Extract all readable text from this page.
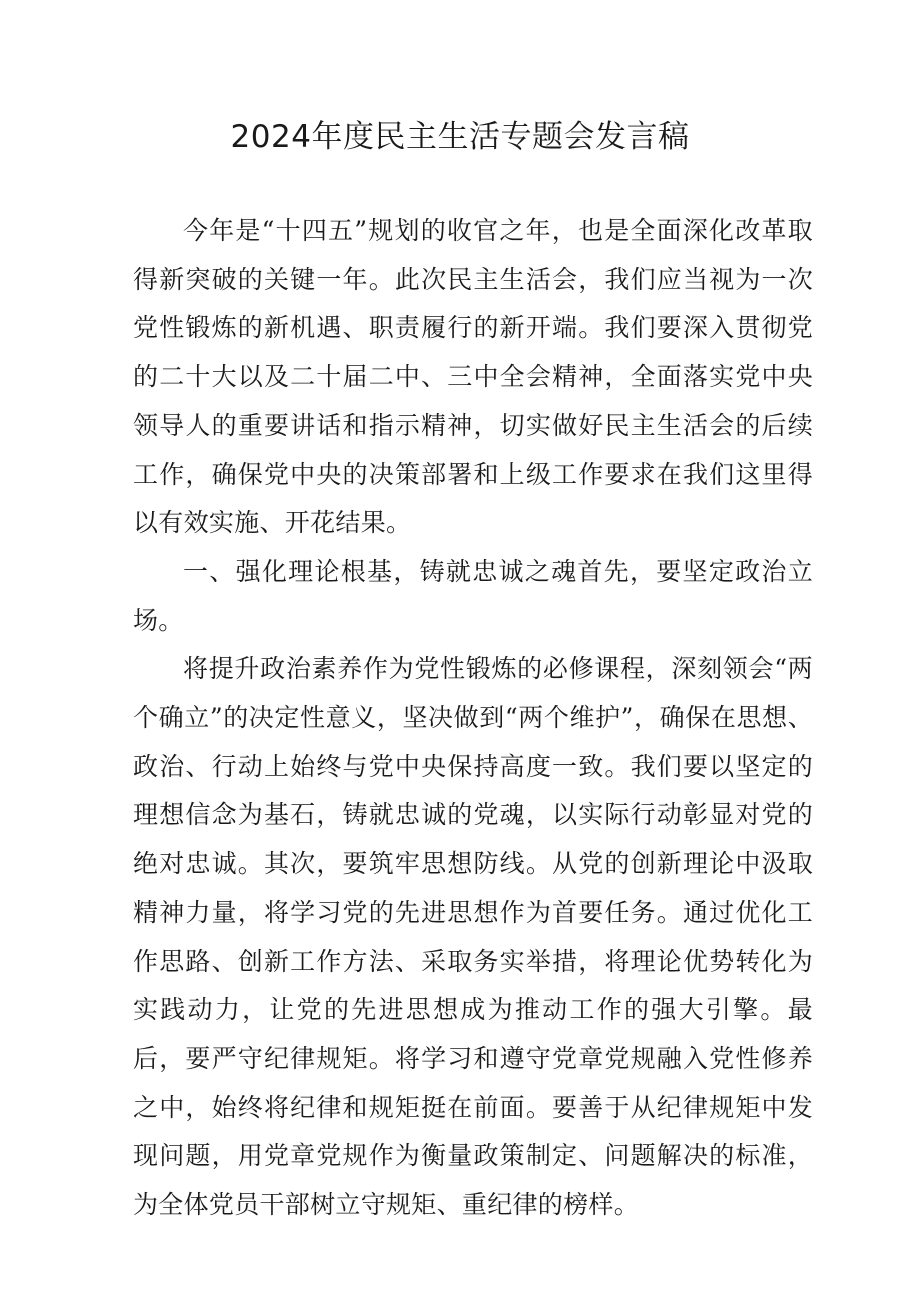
2024年度民主生活专题会发言稿

今年是“十四五”规划的收官之年，也是全面深化改革取得新突破的关键一年。此次民主生活会，我们应当视为一次党性锻炼的新机遇、职责履行的新开端。我们要深入贯彻党的二十大以及二十届二中、三中全会精神，全面落实党中央领导人的重要讲话和指示精神，切实做好民主生活会的后续工作，确保党中央的决策部署和上级工作要求在我们这里得以有效实施、开花结果。

一、强化理论根基，铸就忠诚之魂首先，要坚定政治立场。

将提升政治素养作为党性锻炼的必修课程，深刻领会“两个确立”的决定性意义，坚决做到“两个维护”，确保在思想、政治、行动上始终与党中央保持高度一致。我们要以坚定的理想信念为基石，铸就忠诚的党魂，以实际行动彰显对党的绝对忠诚。其次，要筑牢思想防线。从党的创新理论中汲取精神力量，将学习党的先进思想作为首要任务。通过优化工作思路、创新工作方法、采取务实举措，将理论优势转化为实践动力，让党的先进思想成为推动工作的强大引擎。最后，要严守纪律规矩。将学习和遵守党章党规融入党性修养之中，始终将纪律和规矩挺在前面。要善于从纪律规矩中发现问题，用党章党规作为衡量政策制定、问题解决的标准，为全体党员干部树立守规矩、重纪律的榜样。
